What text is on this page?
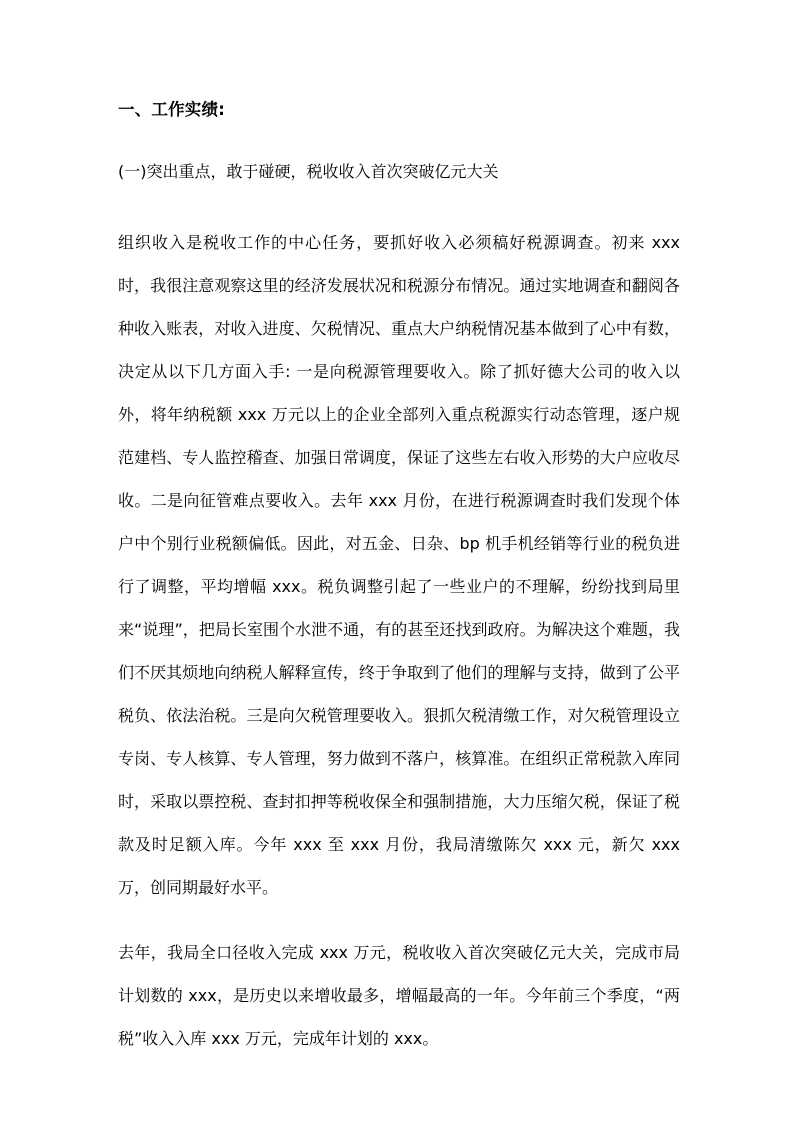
一、工作实绩:

(一)突出重点，敢于碰硬，税收收入首次突破亿元大关

组织收入是税收工作的中心任务，要抓好收入必须稿好税源调查。初来 xxx 时，我很注意观察这里的经济发展状况和税源分布情况。通过实地调查和翻阅各种收入账表，对收入进度、欠税情况、重点大户纳税情况基本做到了心中有数，决定从以下几方面入手: 一是向税源管理要收入。除了抓好德大公司的收入以外，将年纳税额 xxx 万元以上的企业全部列入重点税源实行动态管理，逐户规范建档、专人监控稽查、加强日常调度，保证了这些左右收入形势的大户应收尽收。二是向征管难点要收入。去年 xxx 月份，在进行税源调查时我们发现个体户中个别行业税额偏低。因此，对五金、日杂、bp 机手机经销等行业的税负进行了调整，平均增幅 xxx。税负调整引起了一些业户的不理解，纷纷找到局里来“说理”，把局长室围个水泄不通，有的甚至还找到政府。为解决这个难题，我们不厌其烦地向纳税人解释宣传，终于争取到了他们的理解与支持，做到了公平税负、依法治税。三是向欠税管理要收入。狠抓欠税清缴工作，对欠税管理设立专岗、专人核算、专人管理，努力做到不落户，核算准。在组织正常税款入库同时，采取以票控税、查封扣押等税收保全和强制措施，大力压缩欠税，保证了税款及时足额入库。今年 xxx 至 xxx 月份，我局清缴陈欠 xxx 元，新欠 xxx 万，创同期最好水平。

去年，我局全口径收入完成 xxx 万元，税收收入首次突破亿元大关，完成市局计划数的 xxx，是历史以来增收最多，增幅最高的一年。今年前三个季度，“两税”收入入库 xxx 万元，完成年计划的 xxx。
